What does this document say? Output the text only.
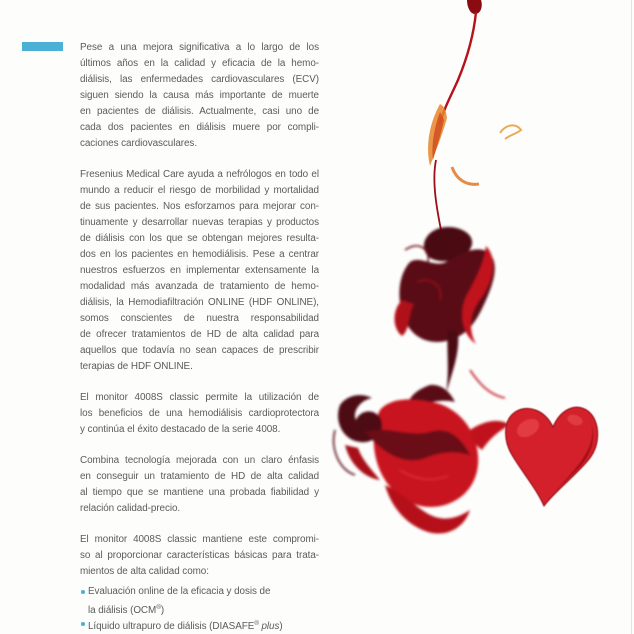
Pese a una mejora significativa a lo largo de los
últimos años en la calidad y eficacia de la hemo-
diálisis, las enfermedades cardiovasculares (ECV)
siguen siendo la causa más importante de muerte
en pacientes de diálisis. Actualmente, casi uno de
cada dos pacientes en diálisis muere por compli-
caciones cardiovasculares.
Fresenius Medical Care ayuda a nefrólogos en todo el
mundo a reducir el riesgo de morbilidad y mortalidad
de sus pacientes. Nos esforzamos para mejorar con-
tinuamente y desarrollar nuevas terapias y productos
de diálisis con los que se obtengan mejores resulta-
dos en los pacientes en hemodiálisis. Pese a centrar
nuestros esfuerzos en implementar extensamente la
modalidad más avanzada de tratamiento de hemo-
diálisis, la Hemodiafiltración ONLINE (HDF ONLINE),
somos conscientes de nuestra responsabilidad
de ofrecer tratamientos de HD de alta calidad para
aquellos que todavía no sean capaces de prescribir
terapias de HDF ONLINE.
El monitor 4008S classic permite la utilización de
los beneficios de una hemodiálisis cardioprotectora
y continúa el éxito destacado de la serie 4008.
Combina tecnología mejorada con un claro énfasis
en conseguir un tratamiento de HD de alta calidad
al tiempo que se mantiene una probada fiabilidad y
relación calidad-precio.
El monitor 4008S classic mantiene este compromi-
so al proporcionar características básicas para trata-
mientos de alta calidad como:
Evaluación online de la eficacia y dosis de
la diálisis (OCM®)
Líquido ultrapuro de diálisis (DIASAFE® plus)
